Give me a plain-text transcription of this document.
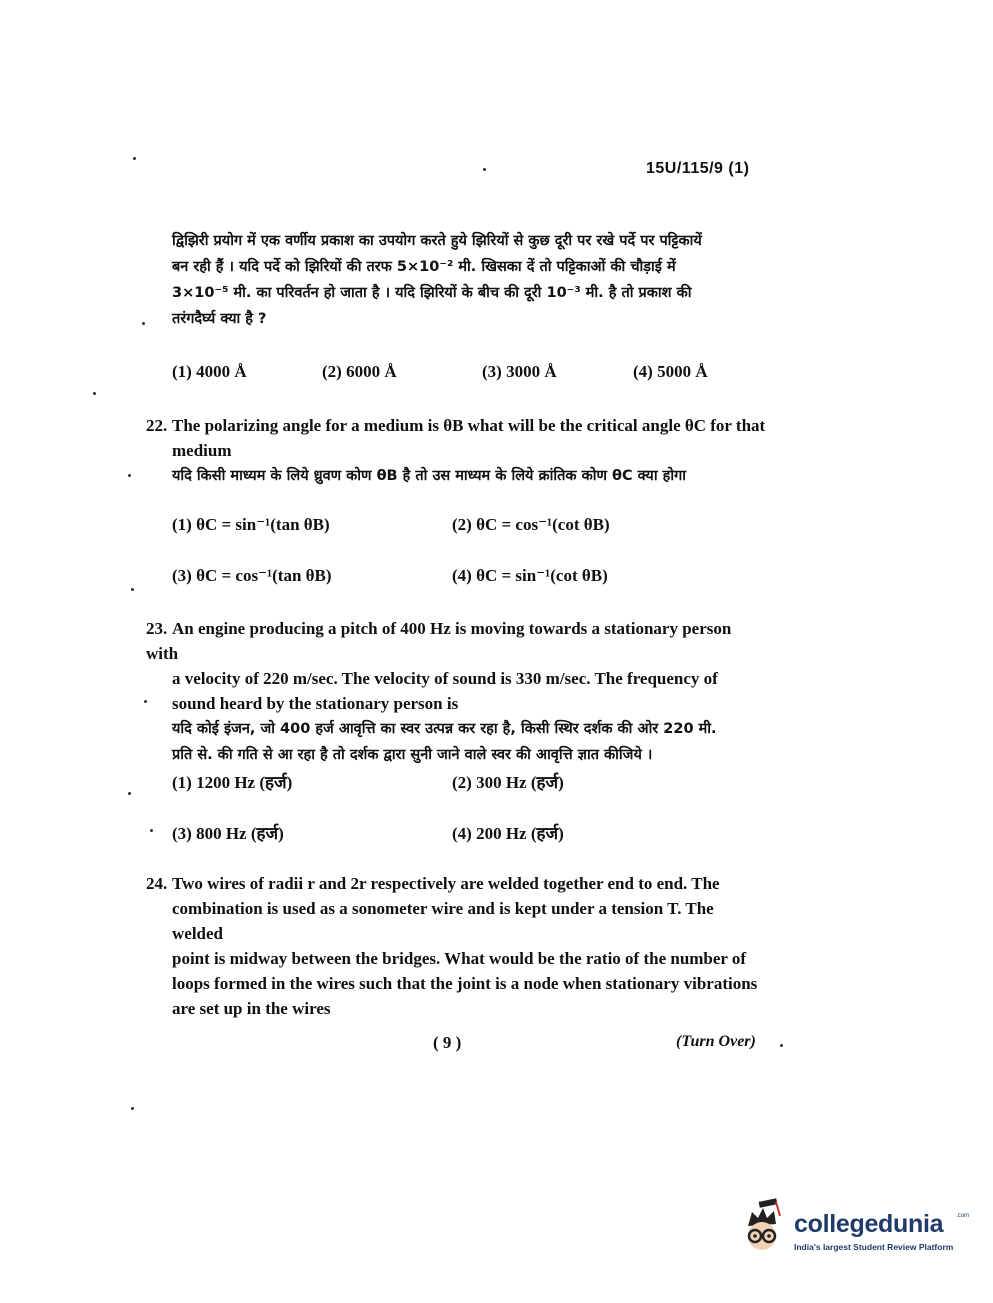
15U/115/9 (1)

द्विझिरी प्रयोग में एक वर्णीय प्रकाश का उपयोग करते हुये झिरियों से कुछ दूरी पर रखे पर्दे पर पट्टिकायें

बन रही हैं । यदि पर्दे को झिरियों की तरफ 5×10⁻² मी. खिसका दें तो पट्टिकाओं की चौड़ाई में

3×10⁻⁵ मी. का परिवर्तन हो जाता है । यदि झिरियों के बीच की दूरी 10⁻³ मी. है तो प्रकाश की

तरंगदैर्घ्य क्या है ?

(1) 4000 Å	(2) 6000 Å	(3) 3000 Å	(4) 5000 Å

22. The polarizing angle for a medium is θB what will be the critical angle θC for that

medium

यदि किसी माध्यम के लिये ध्रुवण कोण θB है तो उस माध्यम के लिये क्रांतिक कोण θC क्या होगा

(1) θC = sin⁻¹(tan θB)	(2) θC = cos⁻¹(cot θB)
(3) θC = cos⁻¹(tan θB)	(4) θC = sin⁻¹(cot θB)

23. An engine producing a pitch of 400 Hz is moving towards a stationary person with

a velocity of 220 m/sec. The velocity of sound is 330 m/sec. The frequency of

sound heard by the stationary person is

यदि कोई इंजन, जो 400 हर्ज आवृत्ति का स्वर उत्पन्न कर रहा है, किसी स्थिर दर्शक की ओर 220 मी.

प्रति से. की गति से आ रहा है तो दर्शक द्वारा सुनी जाने वाले स्वर की आवृत्ति ज्ञात कीजिये ।

(1) 1200 Hz (हर्ज)	(2) 300 Hz (हर्ज)
(3) 800 Hz (हर्ज)	(4) 200 Hz (हर्ज)

24. Two wires of radii r and 2r respectively are welded together end to end. The

combination is used as a sonometer wire and is kept under a tension T. The welded

point is midway between the bridges. What would be the ratio of the number of

loops formed in the wires such that the joint is a node when stationary vibrations

are set up in the wires

( 9 )	(Turn Over)
collegedunia .com
India's largest Student Review Platform
